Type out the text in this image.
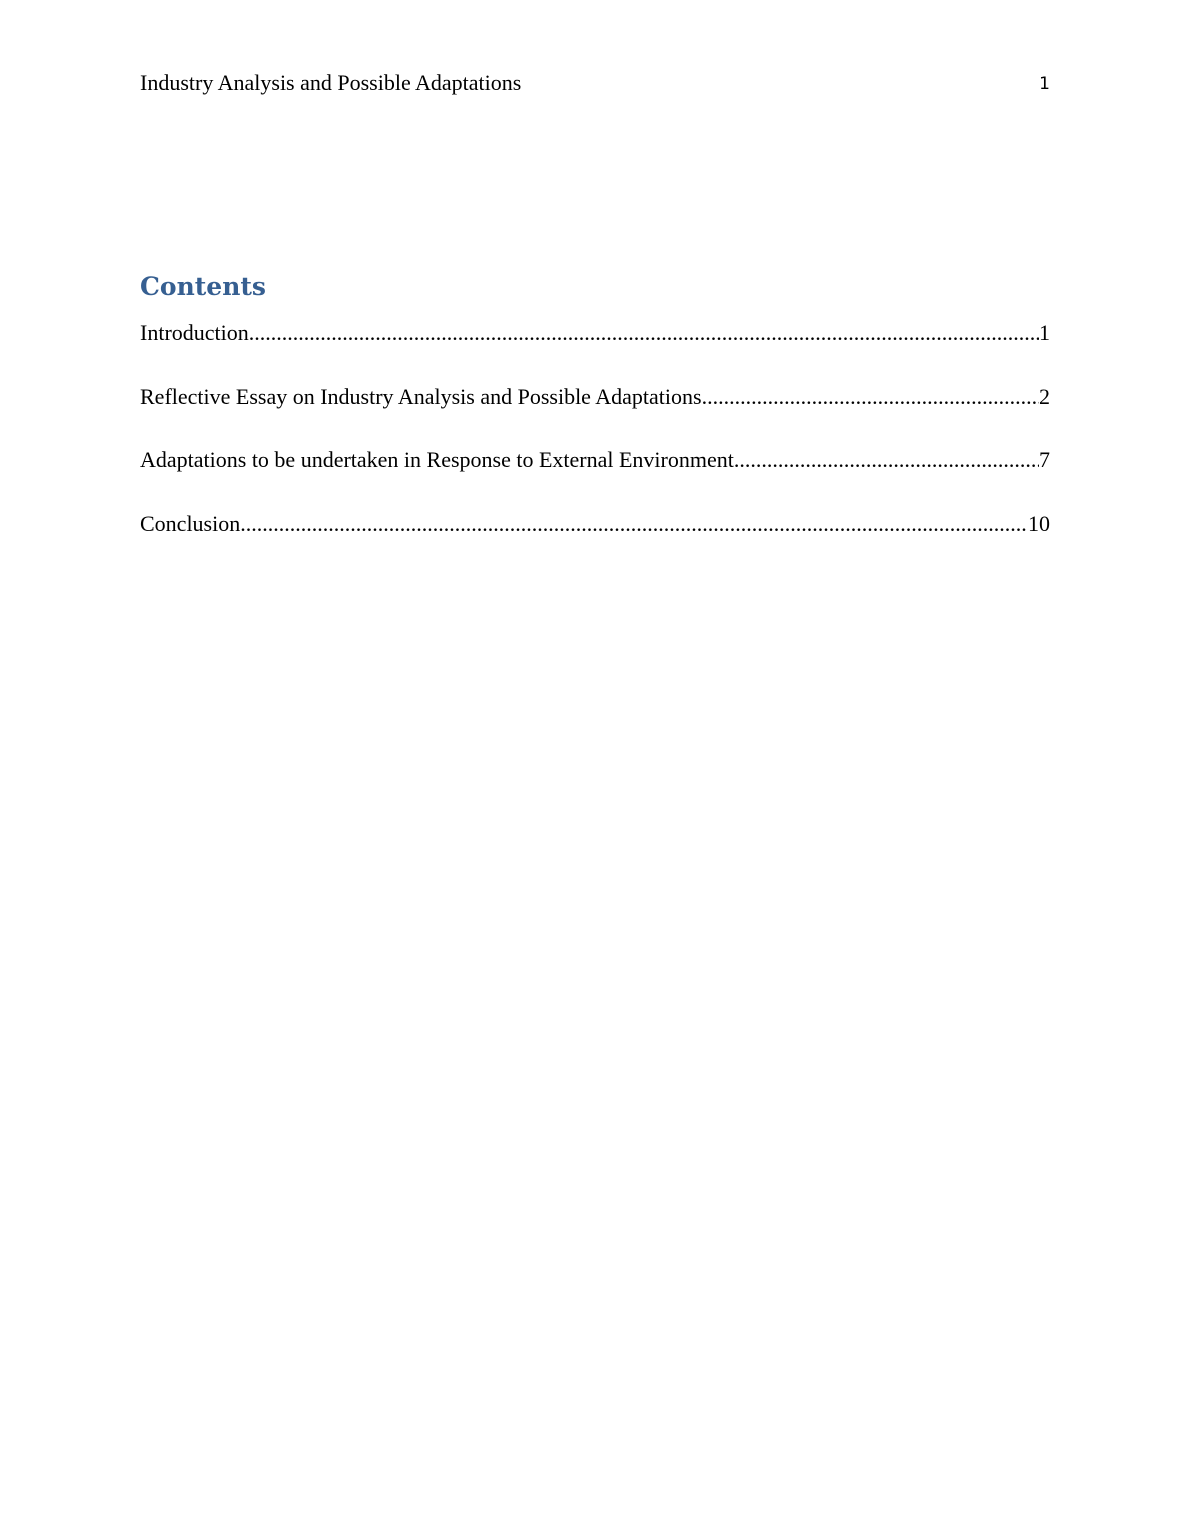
Industry Analysis and Possible Adaptations	1
Contents
Introduction .....	1
Reflective Essay on Industry Analysis and Possible Adaptations .....	2
Adaptations to be undertaken in Response to External Environment .....	7
Conclusion .....	10
